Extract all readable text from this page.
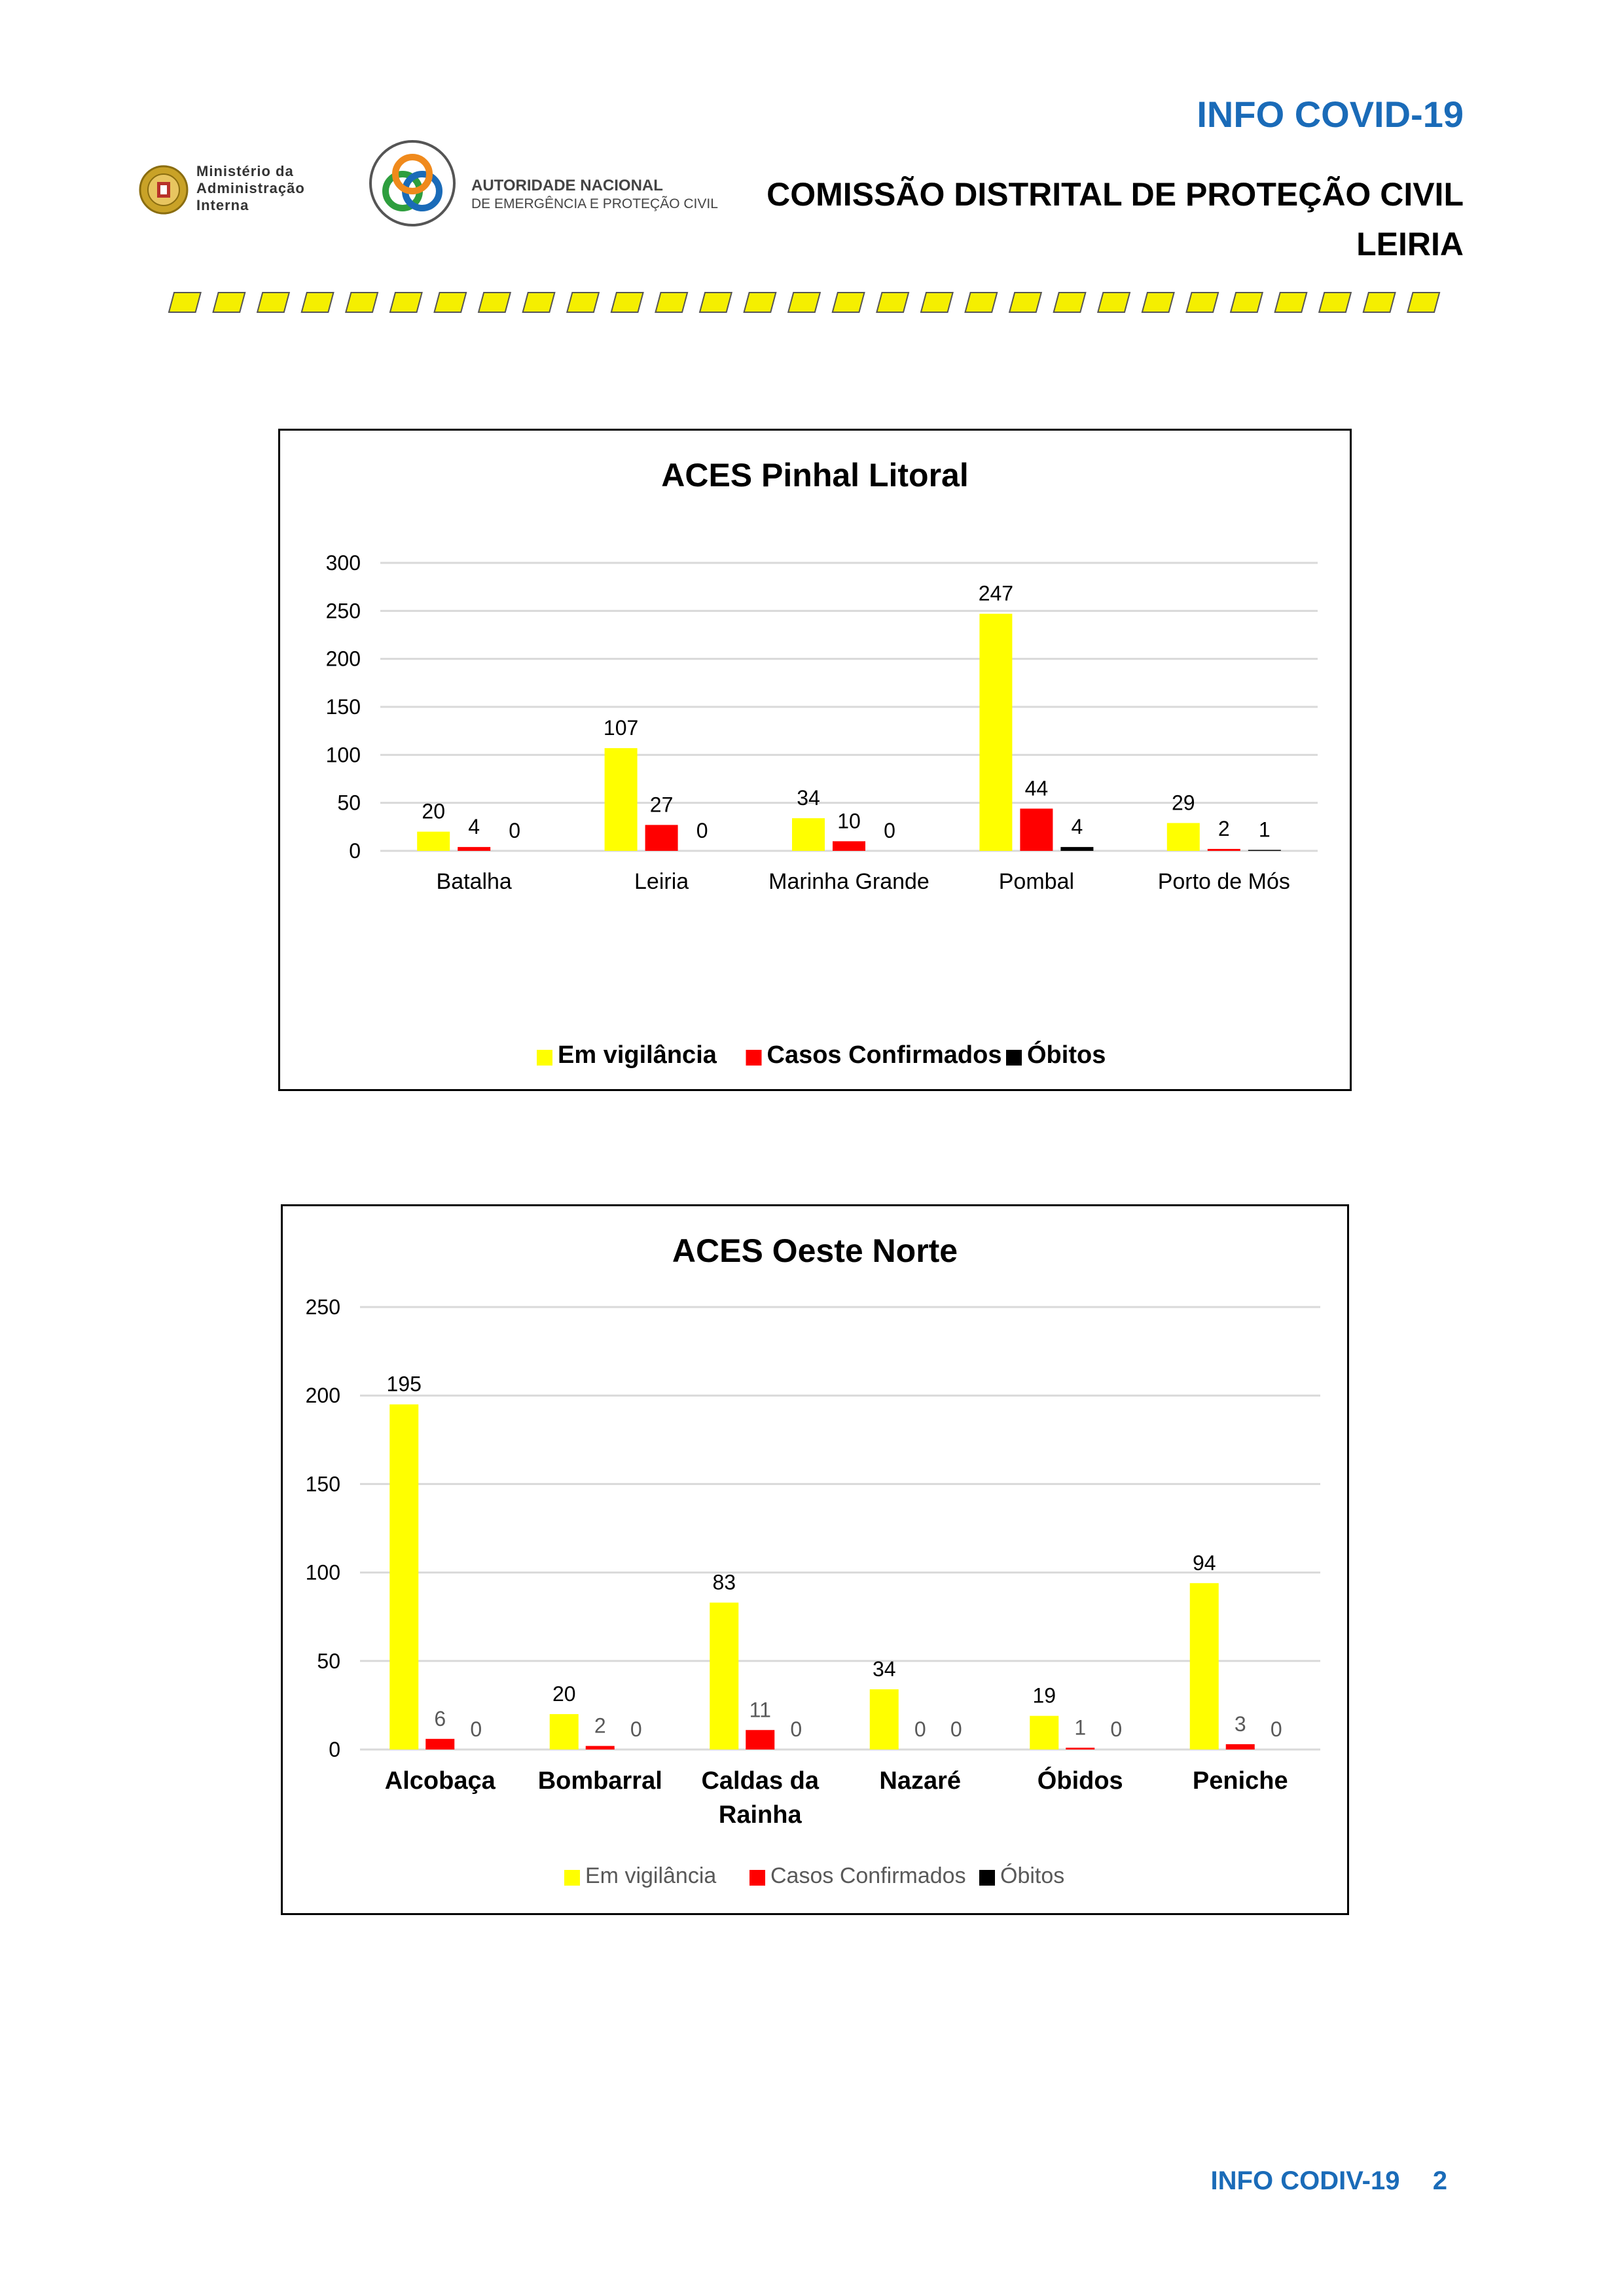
INFO COVID-19
COMISSÃO DISTRITAL DE PROTEÇÃO CIVIL
LEIRIA
Ministério da
Administração
Interna
AUTORIDADE NACIONAL
DE EMERGÊNCIA E PROTEÇÃO CIVIL
ACES Pinhal Litoral
0
50
100
150
200
250
300
20
4 0
Batalha
107
27
0
Leiria
34
10 0
Marinha Grande
247
44
4
Pombal
29
2 1
Porto de Mós
Em vigilância Casos Confirmados Óbitos
ACES Oeste Norte
0
50
100
150
200
250
195
6 0
Alcobaça
20
2 0
Bombarral
83
11
0
Caldas da
Rainha
34
0 0
Nazaré
19
1 0
Óbidos
94
3 0
Peniche
Em vigilância Casos Confirmados Óbitos
INFO CODIV-19 2
